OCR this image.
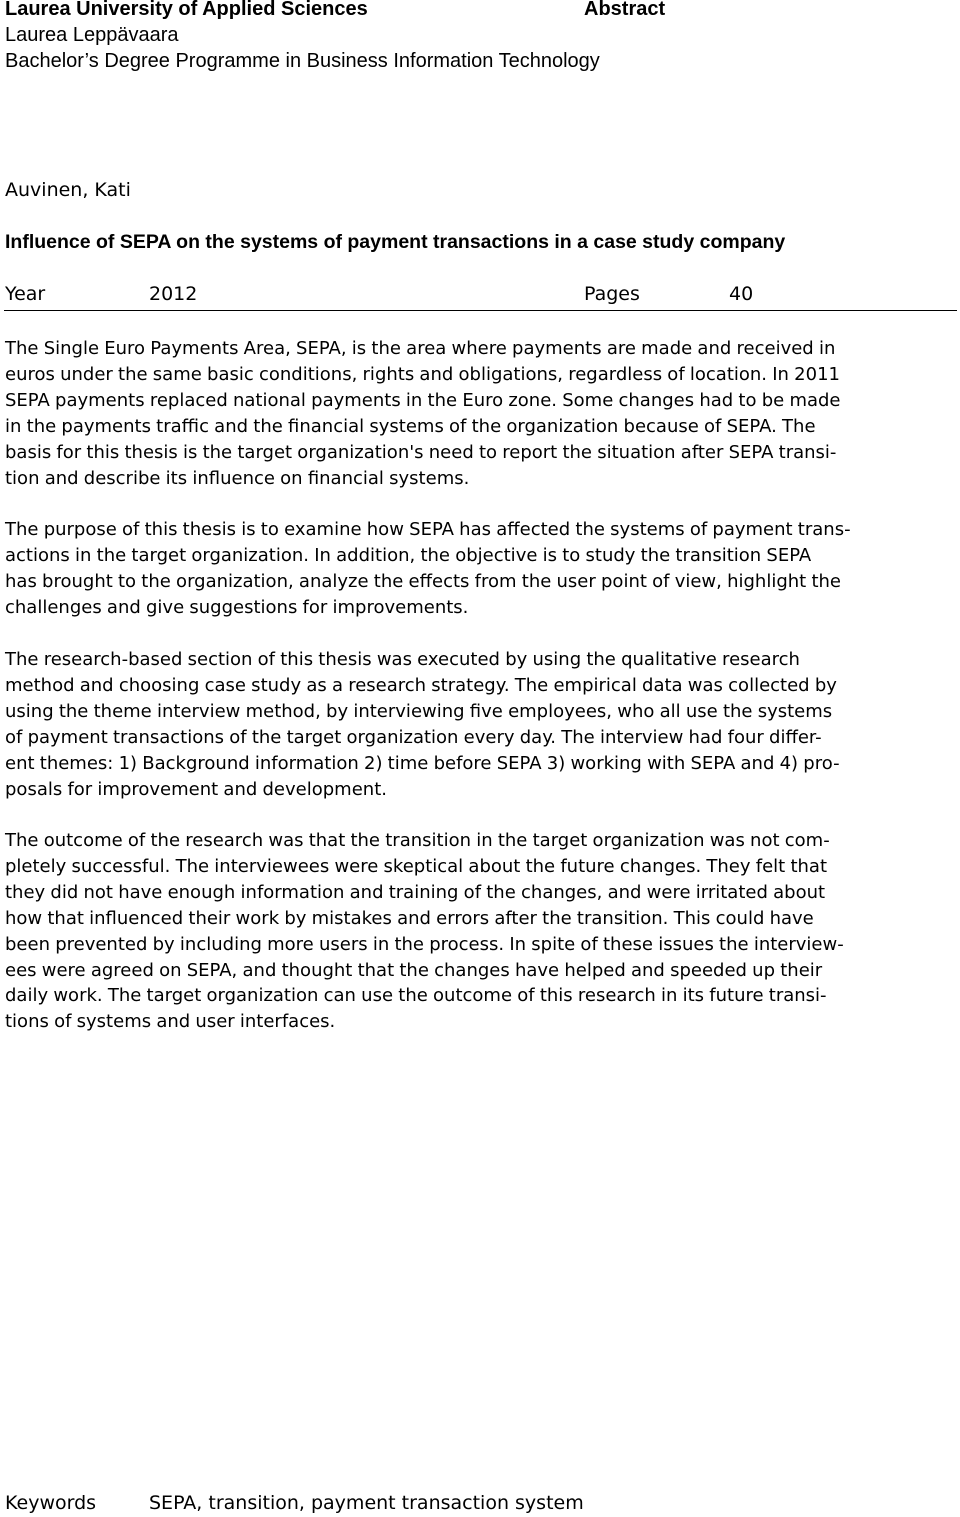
Laurea University of Applied Sciences	Abstract
Laurea Leppävaara
Bachelor’s Degree Programme in Business Information Technology
Auvinen, Kati
Influence of SEPA on the systems of payment transactions in a case study company
Year	2012	Pages	40

The Single Euro Payments Area, SEPA, is the area where payments are made and received in
euros under the same basic conditions, rights and obligations, regardless of location. In 2011
SEPA payments replaced national payments in the Euro zone. Some changes had to be made
in the payments traffic and the financial systems of the organization because of SEPA. The
basis for this thesis is the target organization's need to report the situation after SEPA transi-
tion and describe its influence on financial systems.

The purpose of this thesis is to examine how SEPA has affected the systems of payment trans-
actions in the target organization. In addition, the objective is to study the transition SEPA
has brought to the organization, analyze the effects from the user point of view, highlight the
challenges and give suggestions for improvements.

The research-based section of this thesis was executed by using the qualitative research
method and choosing case study as a research strategy. The empirical data was collected by
using the theme interview method, by interviewing five employees, who all use the systems
of payment transactions of the target organization every day. The interview had four differ-
ent themes: 1) Background information 2) time before SEPA 3) working with SEPA and 4) pro-
posals for improvement and development.

The outcome of the research was that the transition in the target organization was not com-
pletely successful. The interviewees were skeptical about the future changes. They felt that
they did not have enough information and training of the changes, and were irritated about
how that influenced their work by mistakes and errors after the transition. This could have
been prevented by including more users in the process. In spite of these issues the interview-
ees were agreed on SEPA, and thought that the changes have helped and speeded up their
daily work. The target organization can use the outcome of this research in its future transi-
tions of systems and user interfaces.

Keywords	SEPA, transition, payment transaction system
